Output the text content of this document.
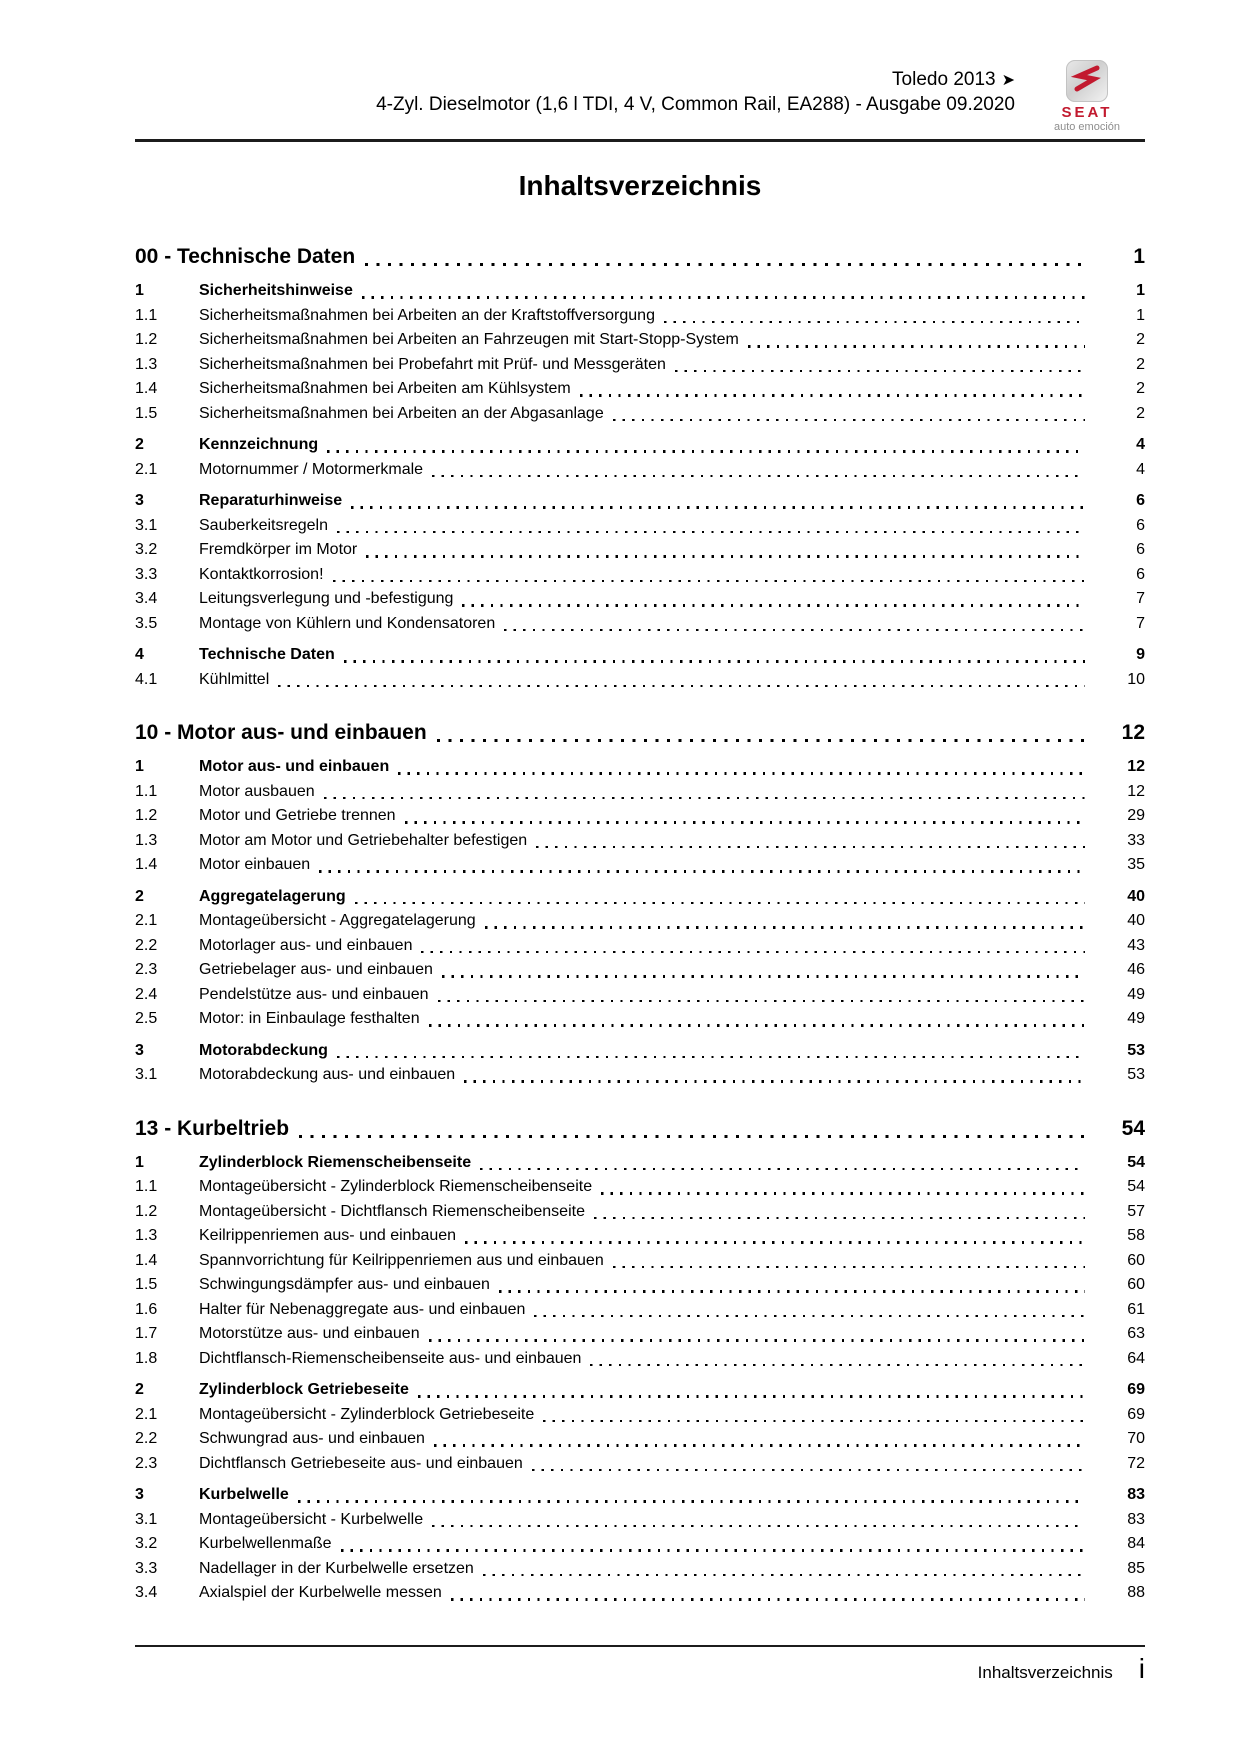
Toledo 2013 ➤
4-Zyl. Dieselmotor (1,6 l TDI, 4 V, Common Rail, EA288) - Ausgabe 09.2020	SEAT
auto emoción
Inhaltsverzeichnis
00 - Technische Daten	1
1	Sicherheitshinweise	1
1.1	Sicherheitsmaßnahmen bei Arbeiten an der Kraftstoffversorgung	1
1.2	Sicherheitsmaßnahmen bei Arbeiten an Fahrzeugen mit Start-Stopp-System	2
1.3	Sicherheitsmaßnahmen bei Probefahrt mit Prüf- und Messgeräten	2
1.4	Sicherheitsmaßnahmen bei Arbeiten am Kühlsystem	2
1.5	Sicherheitsmaßnahmen bei Arbeiten an der Abgasanlage	2
2	Kennzeichnung	4
2.1	Motornummer / Motormerkmale	4
3	Reparaturhinweise	6
3.1	Sauberkeitsregeln	6
3.2	Fremdkörper im Motor	6
3.3	Kontaktkorrosion!	6
3.4	Leitungsverlegung und -befestigung	7
3.5	Montage von Kühlern und Kondensatoren	7
4	Technische Daten	9
4.1	Kühlmittel	10
10 - Motor aus- und einbauen	12
1	Motor aus- und einbauen	12
1.1	Motor ausbauen	12
1.2	Motor und Getriebe trennen	29
1.3	Motor am Motor und Getriebehalter befestigen	33
1.4	Motor einbauen	35
2	Aggregatelagerung	40
2.1	Montageübersicht - Aggregatelagerung	40
2.2	Motorlager aus- und einbauen	43
2.3	Getriebelager aus- und einbauen	46
2.4	Pendelstütze aus- und einbauen	49
2.5	Motor: in Einbaulage festhalten	49
3	Motorabdeckung	53
3.1	Motorabdeckung aus- und einbauen	53
13 - Kurbeltrieb	54
1	Zylinderblock Riemenscheibenseite	54
1.1	Montageübersicht - Zylinderblock Riemenscheibenseite	54
1.2	Montageübersicht - Dichtflansch Riemenscheibenseite	57
1.3	Keilrippenriemen aus- und einbauen	58
1.4	Spannvorrichtung für Keilrippenriemen aus und einbauen	60
1.5	Schwingungsdämpfer aus- und einbauen	60
1.6	Halter für Nebenaggregate aus- und einbauen	61
1.7	Motorstütze aus- und einbauen	63
1.8	Dichtflansch-Riemenscheibenseite aus- und einbauen	64
2	Zylinderblock Getriebeseite	69
2.1	Montageübersicht - Zylinderblock Getriebeseite	69
2.2	Schwungrad aus- und einbauen	70
2.3	Dichtflansch Getriebeseite aus- und einbauen	72
3	Kurbelwelle	83
3.1	Montageübersicht - Kurbelwelle	83
3.2	Kurbelwellenmaße	84
3.3	Nadellager in der Kurbelwelle ersetzen	85
3.4	Axialspiel der Kurbelwelle messen	88
Inhaltsverzeichnis i
